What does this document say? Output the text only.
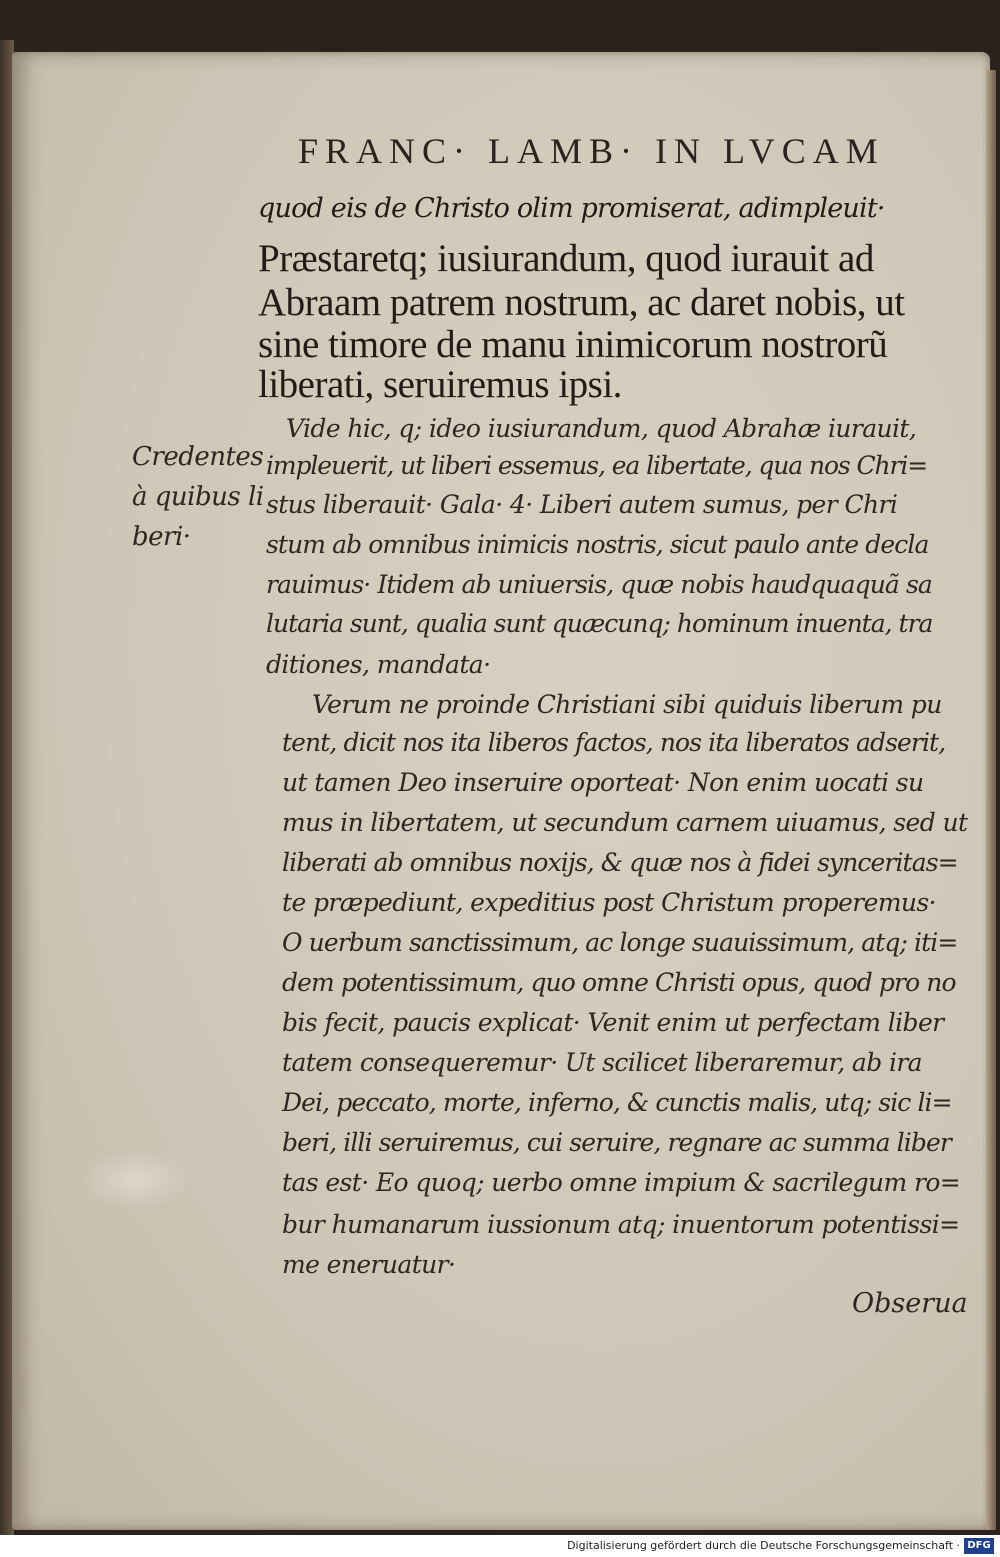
FRANC· LAMB· IN LVCAM
quod eis de Christo olim promiserat, adimpleuit·
Præstaretq; iusiurandum, quod iurauit ad
Abraam patrem nostrum, ac daret nobis, ut
sine timore de manu inimicorum nostrorũ
liberati, seruiremus ipsi.
Vide hic, q; ideo iusiurandum, quod Abrahæ iurauit,
impleuerit, ut liberi essemus, ea libertate, qua nos Chri=
stus liberauit· Gala· 4· Liberi autem sumus, per Chri
stum ab omnibus inimicis nostris, sicut paulo ante decla
rauimus· Itidem ab uniuersis, quæ nobis haudquaquã sa
lutaria sunt, qualia sunt quæcunq; hominum inuenta, tra
ditiones, mandata·
Verum ne proinde Christiani sibi quiduis liberum pu
tent, dicit nos ita liberos factos, nos ita liberatos adserit,
ut tamen Deo inseruire oporteat· Non enim uocati su
mus in libertatem, ut secundum carnem uiuamus, sed ut
liberati ab omnibus noxijs, & quæ nos à fidei synceritas=
te præpediunt, expeditius post Christum properemus·
O uerbum sanctissimum, ac longe suauissimum, atq; iti=
dem potentissimum, quo omne Christi opus, quod pro no
bis fecit, paucis explicat· Venit enim ut perfectam liber
tatem consequeremur· Ut scilicet liberaremur, ab ira
Dei, peccato, morte, inferno, & cunctis malis, utq; sic li=
beri, illi seruiremus, cui seruire, regnare ac summa liber
tas est· Eo quoq; uerbo omne impium & sacrilegum ro=
bur humanarum iussionum atq; inuentorum potentissi=
me eneruatur·
Credentes
à quibus li
beri·
Obserua
Digitalisierung gefördert durch die Deutsche Forschungsgemeinschaft · DFG
